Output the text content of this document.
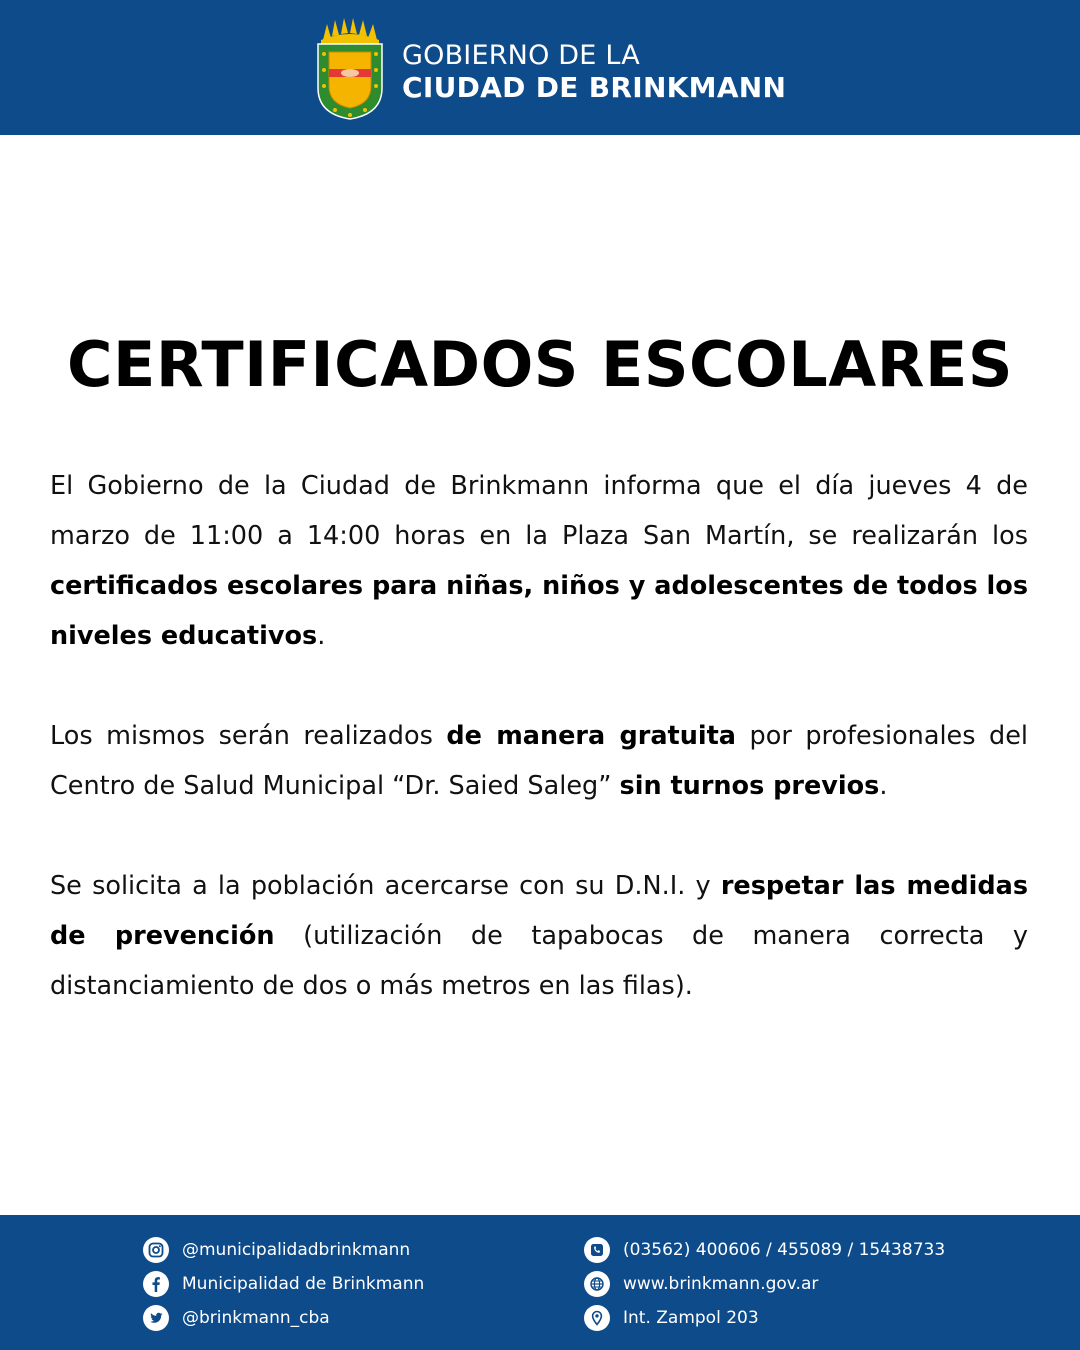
GOBIERNO DE LA
CIUDAD DE BRINKMANN
CERTIFICADOS ESCOLARES

El Gobierno de la Ciudad de Brinkmann informa que el día jueves 4 de marzo de 11:00 a 14:00 horas en la Plaza San Martín, se realizarán los certificados escolares para niñas, niños y adolescentes de todos los niveles educativos.

Los mismos serán realizados de manera gratuita por profesionales del Centro de Salud Municipal “Dr. Saied Saleg” sin turnos previos.

Se solicita a la población acercarse con su D.N.I. y respetar las medidas de prevención (utilización de tapabocas de manera correcta y distanciamiento de dos o más metros en las filas).

@municipalidadbrinkmann
Municipalidad de Brinkmann
@brinkmann_cba
(03562) 400606 / 455089 / 15438733
www.brinkmann.gov.ar
Int. Zampol 203
